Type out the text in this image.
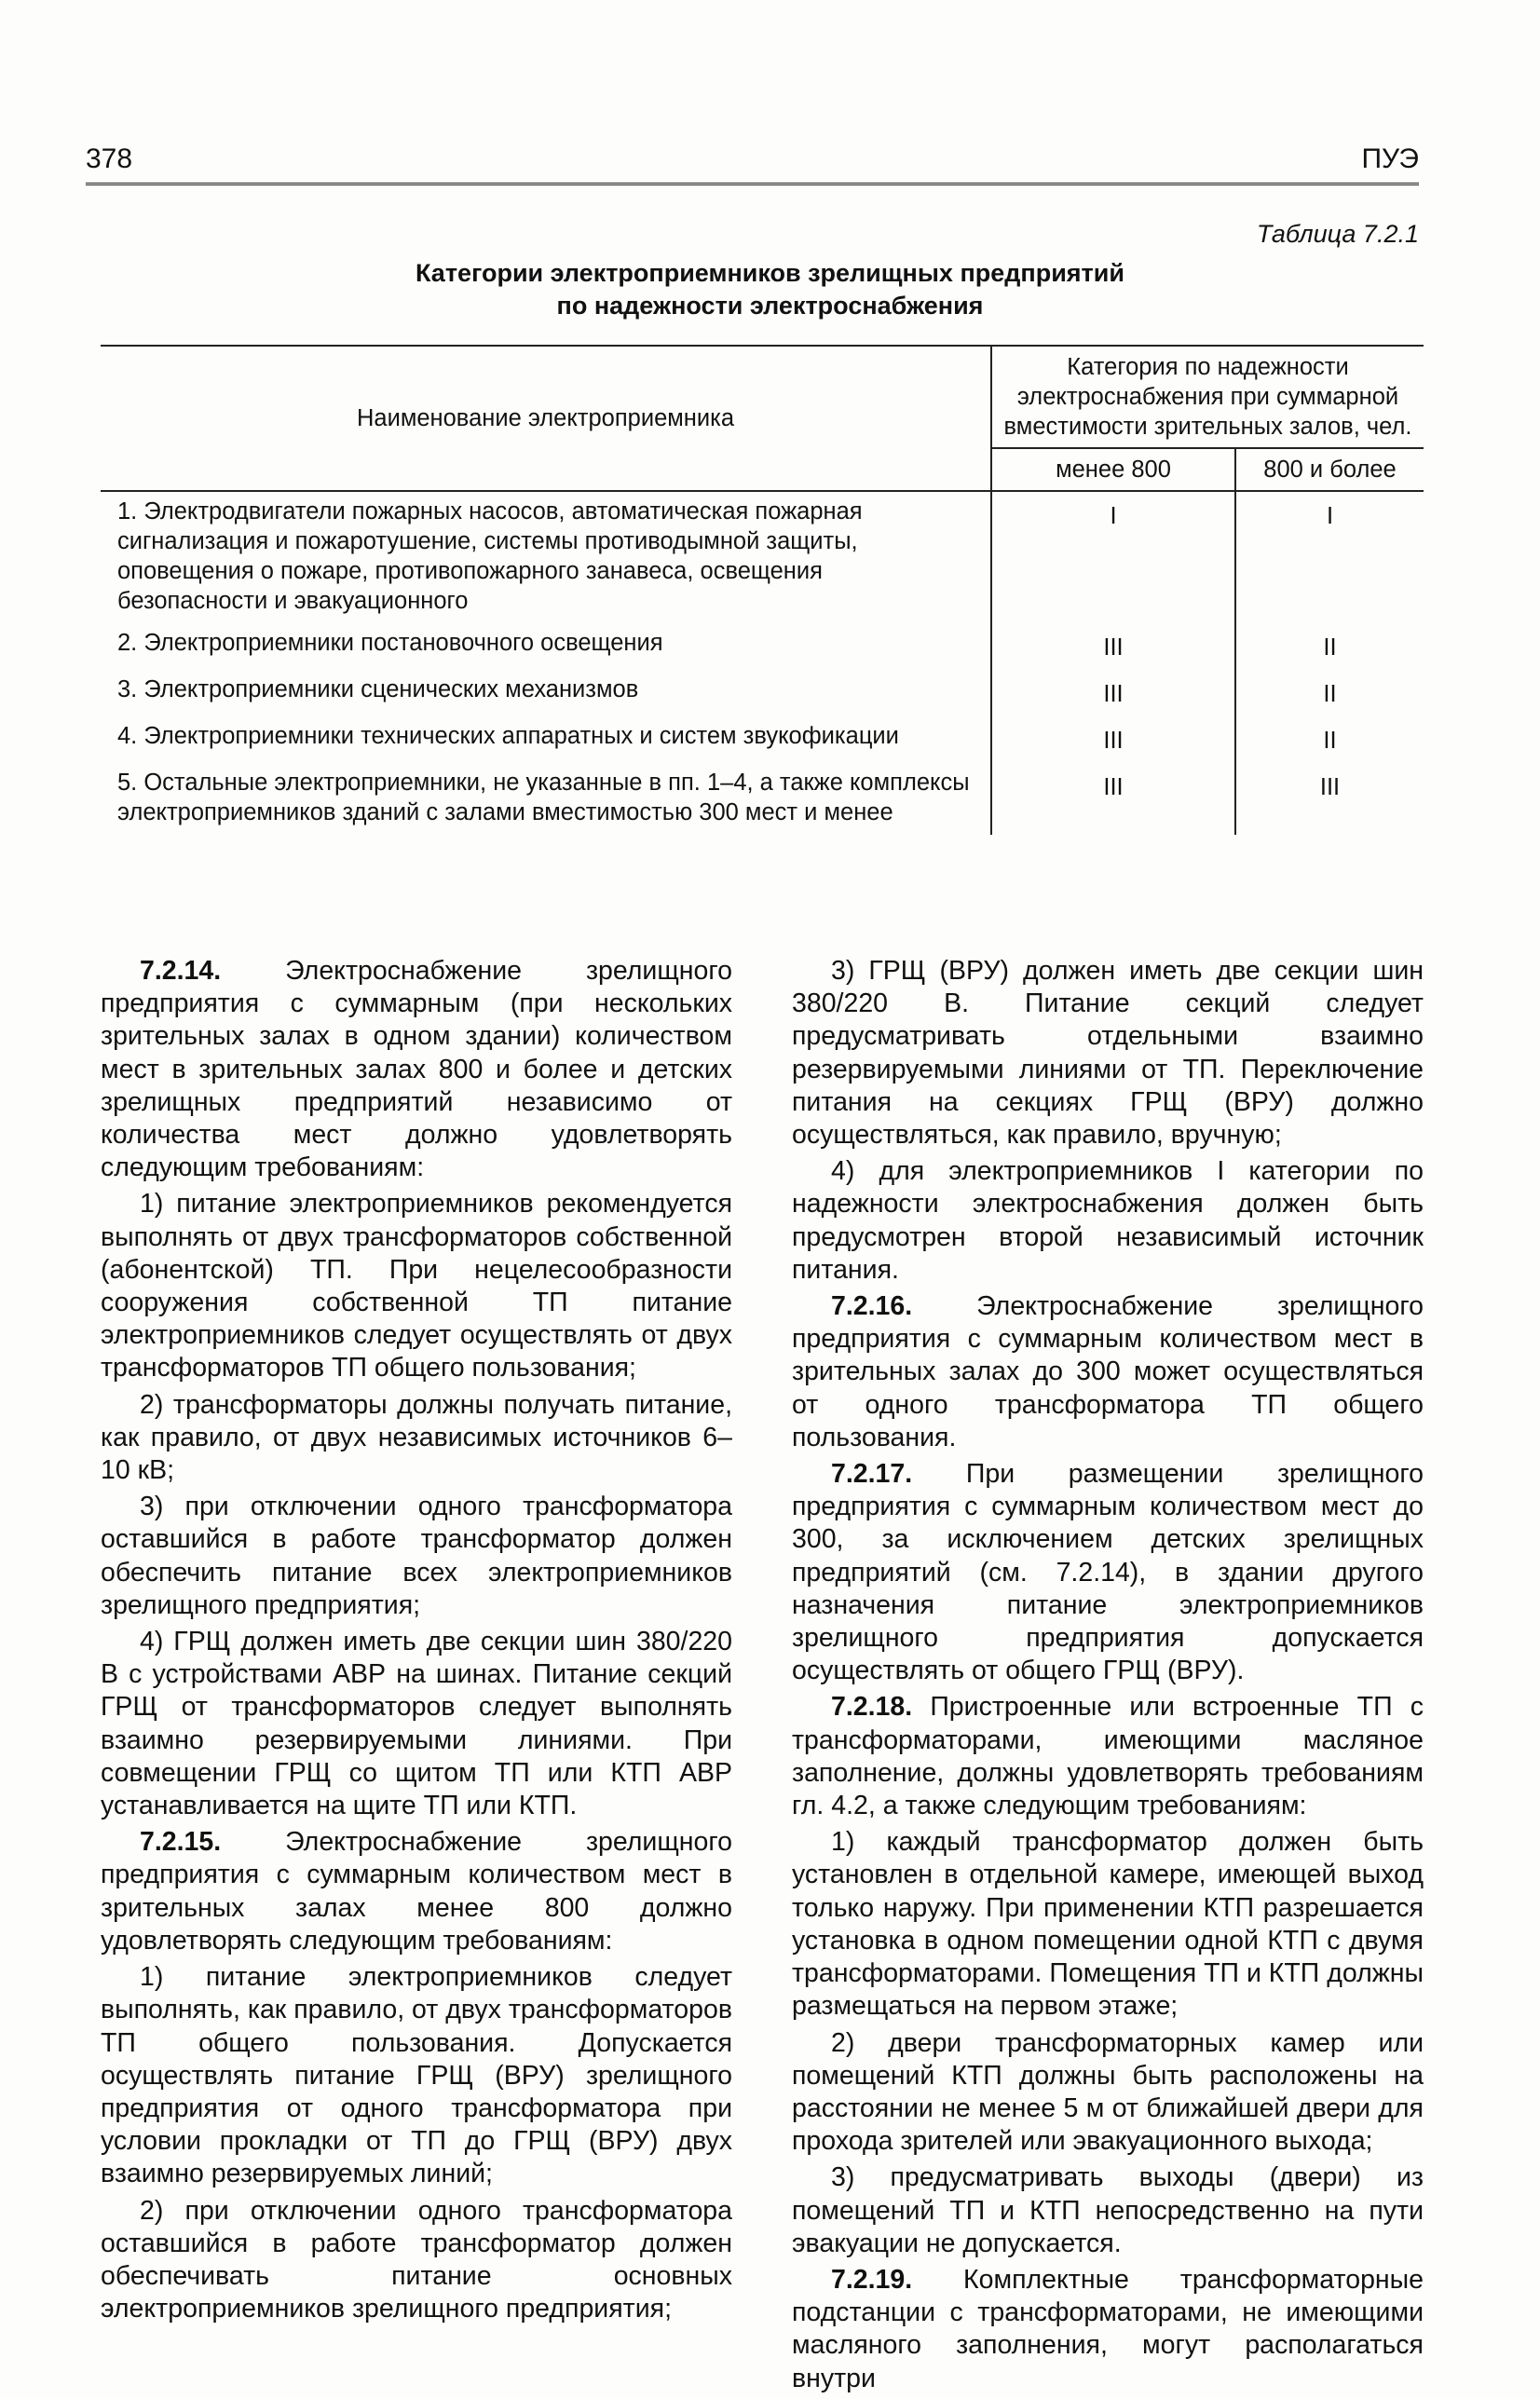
378	ПУЭ
Таблица 7.2.1
Категории электроприемников зрелищных предприятий
по надежности электроснабжения
Наименование электроприемника	Категория по надежности электроснабжения при суммарной вместимости зрительных залов, чел.	
	менее 800	800 и более
1. Электродвигатели пожарных насосов, автоматическая пожарная сигнализация и пожаротушение, системы противодымной защиты, оповещения о пожаре, противопожарного занавеса, освещения безопасности и эвакуационного	I	I
2. Электроприемники постановочного освещения	III	II
3. Электроприемники сценических механизмов	III	II
4. Электроприемники технических аппаратных и систем звукофикации	III	II
5. Остальные электроприемники, не указанные в пп. 1–4, а также комплексы электроприемников зданий с залами вместимостью 300 мест и менее	III	III

7.2.14. Электроснабжение зрелищного предприятия с суммарным (при нескольких зрительных залах в одном здании) количеством мест в зрительных залах 800 и более и детских зрелищных предприятий независимо от количества мест должно удовлетворять следующим требованиям:

1) питание электроприемников рекомендуется выполнять от двух трансформаторов собственной (абонентской) ТП. При нецелесообразности сооружения собственной ТП питание электроприемников следует осуществлять от двух трансформаторов ТП общего пользования;

2) трансформаторы должны получать питание, как правило, от двух независимых источников 6–10 кВ;

3) при отключении одного трансформатора оставшийся в работе трансформатор должен обеспечить питание всех электроприемников зрелищного предприятия;

4) ГРЩ должен иметь две секции шин 380/220 В с устройствами АВР на шинах. Питание секций ГРЩ от трансформаторов следует выполнять взаимно резервируемыми линиями. При совмещении ГРЩ со щитом ТП или КТП АВР устанавливается на щите ТП или КТП.

7.2.15. Электроснабжение зрелищного предприятия с суммарным количеством мест в зрительных залах менее 800 должно удовлетворять следующим требованиям:

1) питание электроприемников следует выполнять, как правило, от двух трансформаторов ТП общего пользования. Допускается осуществлять питание ГРЩ (ВРУ) зрелищного предприятия от одного трансформатора при условии прокладки от ТП до ГРЩ (ВРУ) двух взаимно резервируемых линий;

2) при отключении одного трансформатора оставшийся в работе трансформатор должен обеспечивать питание основных электроприемников зрелищного предприятия;

3) ГРЩ (ВРУ) должен иметь две секции шин 380/220 В. Питание секций следует предусматривать отдельными взаимно резервируемыми линиями от ТП. Переключение питания на секциях ГРЩ (ВРУ) должно осуществляться, как правило, вручную;

4) для электроприемников I категории по надежности электроснабжения должен быть предусмотрен второй независимый источник питания.

7.2.16. Электроснабжение зрелищного предприятия с суммарным количеством мест в зрительных залах до 300 может осуществляться от одного трансформатора ТП общего пользования.

7.2.17. При размещении зрелищного предприятия с суммарным количеством мест до 300, за исключением детских зрелищных предприятий (см. 7.2.14), в здании другого назначения питание электроприемников зрелищного предприятия допускается осуществлять от общего ГРЩ (ВРУ).

7.2.18. Пристроенные или встроенные ТП с трансформаторами, имеющими масляное заполнение, должны удовлетворять требованиям гл. 4.2, а также следующим требованиям:

1) каждый трансформатор должен быть установлен в отдельной камере, имеющей выход только наружу. При применении КТП разрешается установка в одном помещении одной КТП с двумя трансформаторами. Помещения ТП и КТП должны размещаться на первом этаже;

2) двери трансформаторных камер или помещений КТП должны быть расположены на расстоянии не менее 5 м от ближайшей двери для прохода зрителей или эвакуационного выхода;

3) предусматривать выходы (двери) из помещений ТП и КТП непосредственно на пути эвакуации не допускается.

7.2.19. Комплектные трансформаторные подстанции с трансформаторами, не имеющими масляного заполнения, могут располагаться внутри
